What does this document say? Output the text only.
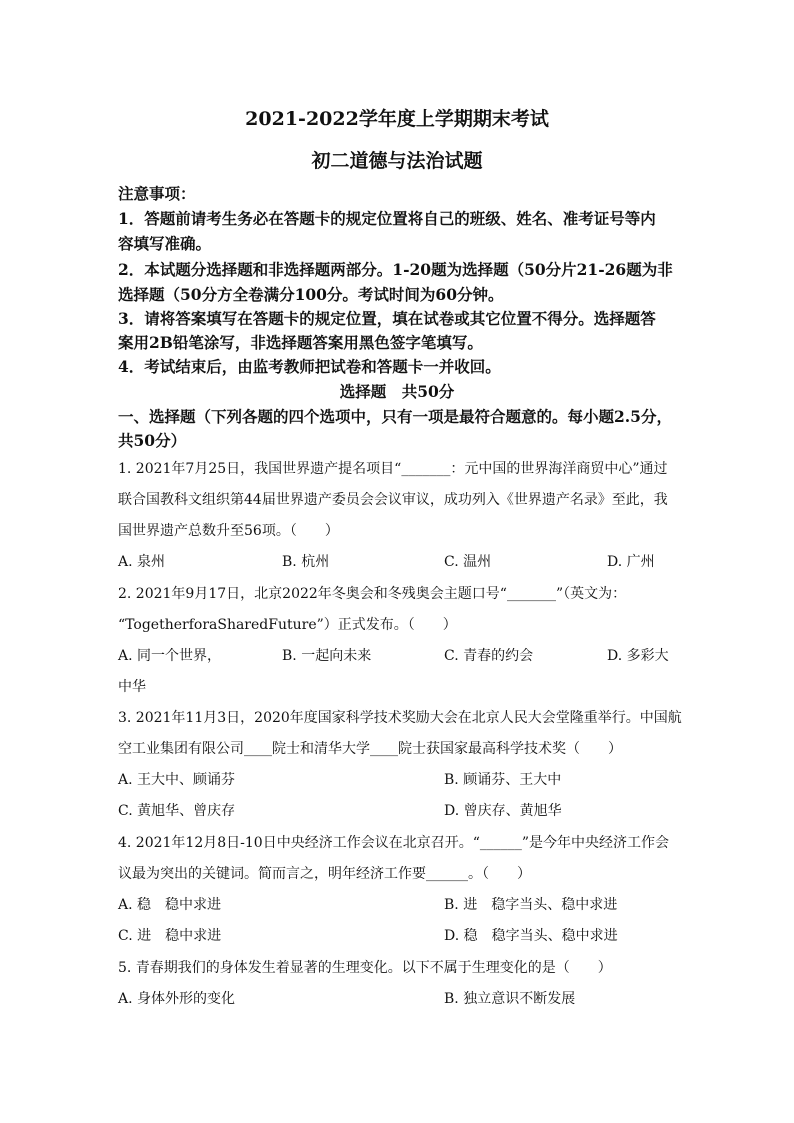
2021-2022学年度上学期期末考试
初二道德与法治试题
注意事项：
1．答题前请考生务必在答题卡的规定位置将自己的班级、姓名、准考证号等内
容填写准确。
2．本试题分选择题和非选择题两部分。1-20题为选择题（50分片21-26题为非
选择题（50分方全卷满分100分。考试时间为60分钟。
3．请将答案填写在答题卡的规定位置，填在试卷或其它位置不得分。选择题答
案用2B铅笔涂写，非选择题答案用黑色签字笔填写。
4．考试结束后，由监考教师把试卷和答题卡一并收回。
选择题　共50分
一、选择题（下列各题的四个选项中，只有一项是最符合题意的。每小题2.5分，
共50分）
1. 2021年7月25日，我国世界遗产提名项目“_______：元中国的世界海洋商贸中心”通过
联合国教科文组织第44届世界遗产委员会会议审议，成功列入《世界遗产名录》至此，我
国世界遗产总数升至56项。（　　）
A. 泉州	B. 杭州	C. 温州	D. 广州
2. 2021年9月17日，北京2022年冬奥会和冬残奥会主题口号“_______”（英文为：
“TogetherforaSharedFuture”）正式发布。（　　）
A. 同一个世界，	B. 一起向未来	C. 青春的约会	D. 多彩大
中华
3. 2021年11月3日，2020年度国家科学技术奖励大会在北京人民大会堂隆重举行。中国航
空工业集团有限公司____院士和清华大学____院士获国家最高科学技术奖（　　）
A. 王大中、顾诵芬	B. 顾诵芬、王大中
C. 黄旭华、曾庆存	D. 曾庆存、黄旭华
4. 2021年12月8日-10日中央经济工作会议在北京召开。“______”是今年中央经济工作会
议最为突出的关键词。简而言之，明年经济工作要______。（　　）
A. 稳　稳中求进	B. 进　稳字当头、稳中求进
C. 进　稳中求进	D. 稳　稳字当头、稳中求进
5. 青春期我们的身体发生着显著的生理变化。以下不属于生理变化的是（　　）
A. 身体外形的变化	B. 独立意识不断发展
